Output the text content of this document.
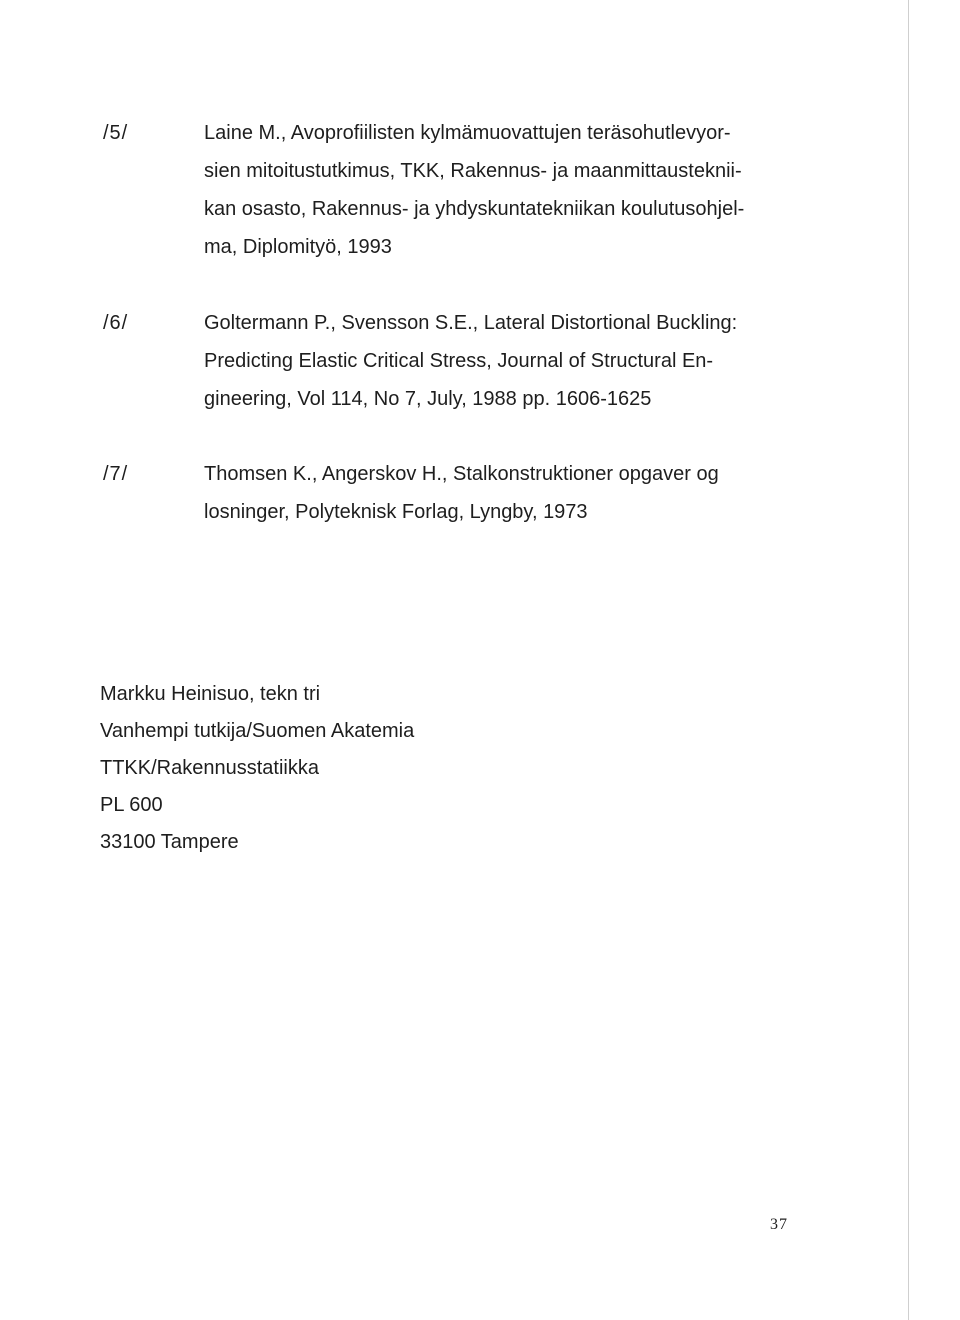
/5/	Laine M., Avoprofiilisten kylmämuovattujen teräsohutlevyor-
sien mitoitustutkimus, TKK, Rakennus- ja maanmittausteknii-
kan osasto, Rakennus- ja yhdyskuntatekniikan koulutusohjel-
ma, Diplomityö, 1993
/6/	Goltermann P., Svensson S.E., Lateral Distortional Buckling:
Predicting Elastic Critical Stress, Journal of Structural En-
gineering, Vol 114, No 7, July, 1988 pp. 1606-1625
/7/	Thomsen K., Angerskov H., Stalkonstruktioner opgaver og
losninger, Polyteknisk Forlag, Lyngby, 1973
Markku Heinisuo, tekn tri
Vanhempi tutkija/Suomen Akatemia
TTKK/Rakennusstatiikka
PL 600
33100 Tampere
37
